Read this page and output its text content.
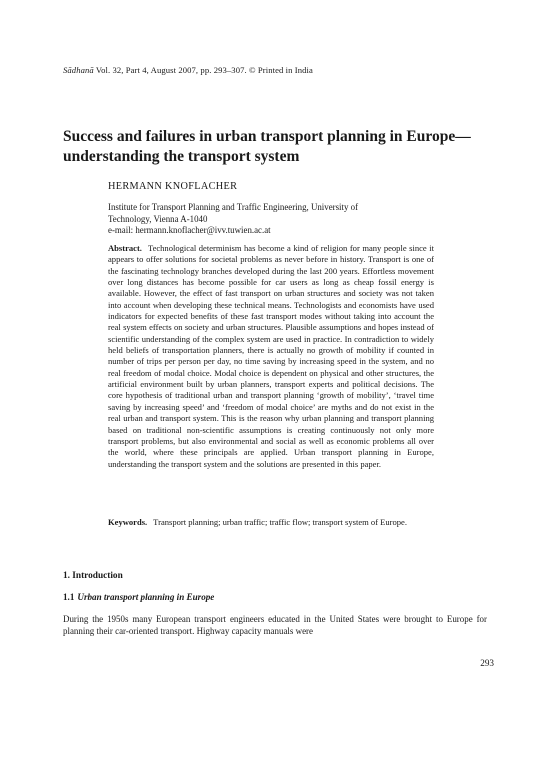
Sādhanā Vol. 32, Part 4, August 2007, pp. 293–307. © Printed in India
Success and failures in urban transport planning in Europe—understanding the transport system
HERMANN KNOFLACHER
Institute for Transport Planning and Traffic Engineering, University of
Technology, Vienna A-1040
e-mail: hermann.knoflacher@ivv.tuwien.ac.at

Abstract. Technological determinism has become a kind of religion for many people since it appears to offer solutions for societal problems as never before in history. Transport is one of the fascinating technology branches developed during the last 200 years. Effortless movement over long distances has become possible for car users as long as cheap fossil energy is available. However, the effect of fast transport on urban structures and society was not taken into account when developing these technical means. Technologists and economists have used indicators for expected benefits of these fast transport modes without taking into account the real system effects on society and urban structures. Plausible assumptions and hopes instead of scientific understanding of the complex system are used in practice. In contradiction to widely held beliefs of transportation planners, there is actually no growth of mobility if counted in number of trips per person per day, no time saving by increasing speed in the system, and no real freedom of modal choice. Modal choice is dependent on physical and other structures, the artificial environment built by urban planners, transport experts and political decisions. The core hypothesis of traditional urban and transport planning ‘growth of mobility’, ‘travel time saving by increasing speed’ and ‘freedom of modal choice’ are myths and do not exist in the real urban and transport system. This is the reason why urban planning and transport planning based on traditional non-scientific assumptions is creating continuously not only more transport problems, but also environmental and social as well as economic problems all over the world, where these principals are applied. Urban transport planning in Europe, understanding the transport system and the solutions are presented in this paper.

Keywords. Transport planning; urban traffic; traffic flow; transport system of Europe.

1. Introduction
1.1 Urban transport planning in Europe

During the 1950s many European transport engineers educated in the United States were brought to Europe for planning their car-oriented transport. Highway capacity manuals were

293
